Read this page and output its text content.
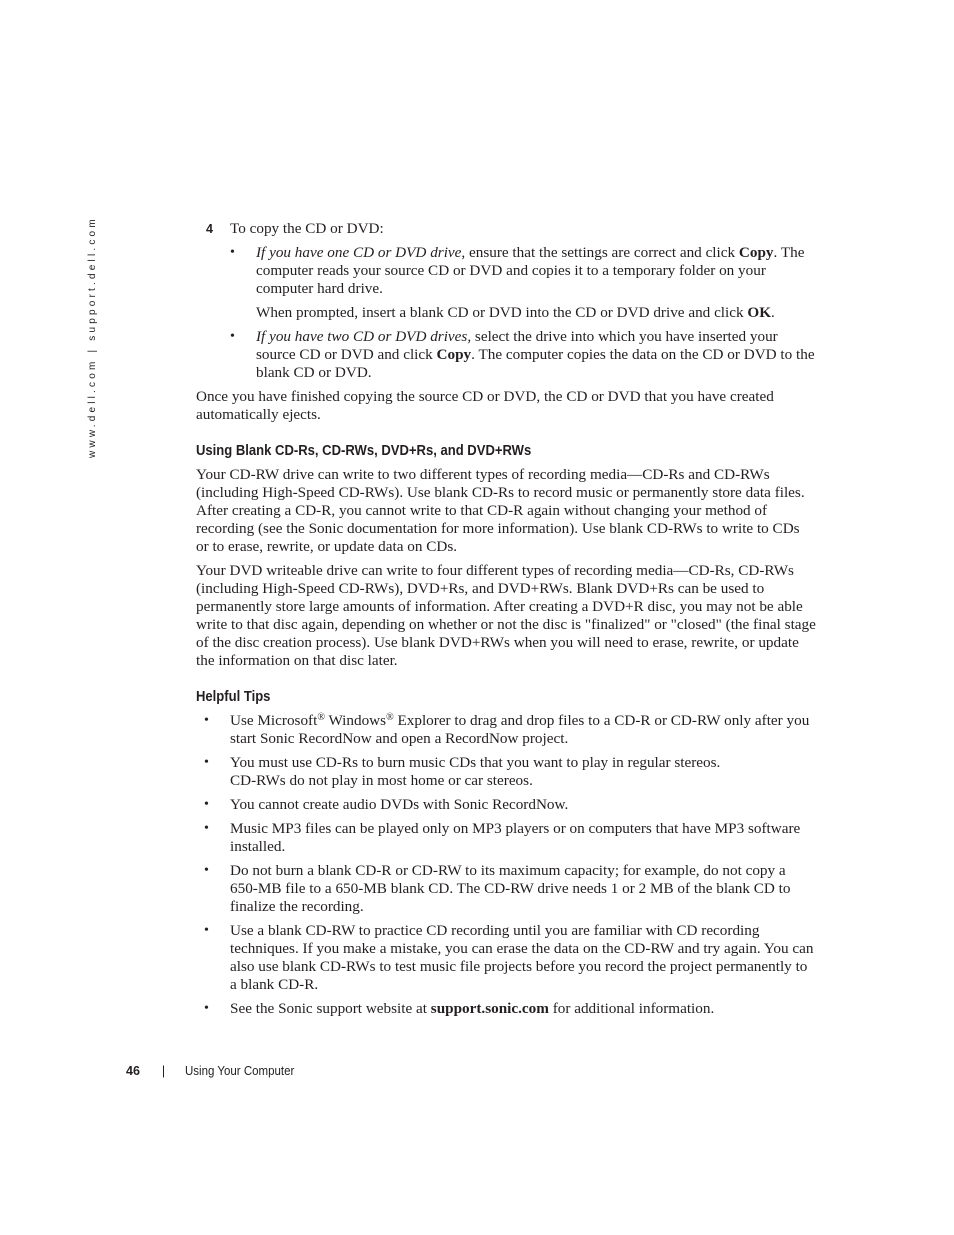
www.dell.com | support.dell.com	4 To copy the CD or DVD:

• If you have one CD or DVD drive, ensure that the settings are correct and click Copy. The computer reads your source CD or DVD and copies it to a temporary folder on your computer hard drive.

When prompted, insert a blank CD or DVD into the CD or DVD drive and click OK.

• If you have two CD or DVD drives, select the drive into which you have inserted your source CD or DVD and click Copy. The computer copies the data on the CD or DVD to the blank CD or DVD.

Once you have finished copying the source CD or DVD, the CD or DVD that you have created automatically ejects.

Using Blank CD-Rs, CD-RWs, DVD+Rs, and DVD+RWs

Your CD-RW drive can write to two different types of recording media—CD-Rs and CD-RWs (including High-Speed CD-RWs). Use blank CD-Rs to record music or permanently store data files. After creating a CD-R, you cannot write to that CD-R again without changing your method of recording (see the Sonic documentation for more information). Use blank CD-RWs to write to CDs or to erase, rewrite, or update data on CDs.

Your DVD writeable drive can write to four different types of recording media—CD-Rs, CD-RWs (including High-Speed CD-RWs), DVD+Rs, and DVD+RWs. Blank DVD+Rs can be used to permanently store large amounts of information. After creating a DVD+R disc, you may not be able write to that disc again, depending on whether or not the disc is "finalized" or "closed" (the final stage of the disc creation process). Use blank DVD+RWs when you will need to erase, rewrite, or update the information on that disc later.

Helpful Tips
• Use Microsoft® Windows® Explorer to drag and drop files to a CD-R or CD-RW only after you start Sonic RecordNow and open a RecordNow project.

• You must use CD-Rs to burn music CDs that you want to play in regular stereos.
CD-RWs do not play in most home or car stereos.

• You cannot create audio DVDs with Sonic RecordNow.

• Music MP3 files can be played only on MP3 players or on computers that have MP3 software installed.

• Do not burn a blank CD-R or CD-RW to its maximum capacity; for example, do not copy a 650-MB file to a 650-MB blank CD. The CD-RW drive needs 1 or 2 MB of the blank CD to finalize the recording.

• Use a blank CD-RW to practice CD recording until you are familiar with CD recording techniques. If you make a mistake, you can erase the data on the CD-RW and try again. You can also use blank CD-RWs to test music file projects before you record the project permanently to a blank CD-R.

• See the Sonic support website at support.sonic.com for additional information.

46 | Using Your Computer
